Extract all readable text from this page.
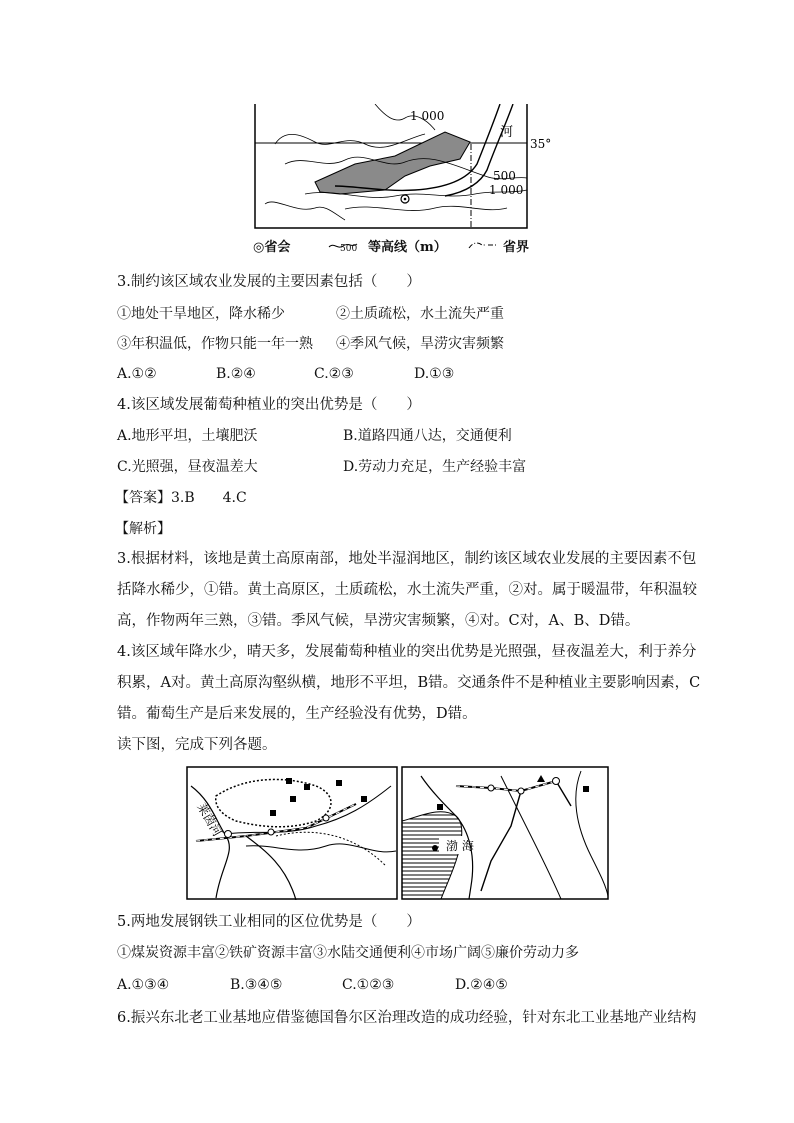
1 000
河
35°
500
1 000
◎省会	500 等高线（m）	省界
3.制约该区域农业发展的主要因素包括（　　）
①地处干旱地区，降水稀少	②土质疏松，水土流失严重
③年积温低，作物只能一年一熟 ④季风气候，旱涝灾害频繁
A.①②	B.②④	C.②③	D.①③
4.该区域发展葡萄种植业的突出优势是（　　）
A.地形平坦，土壤肥沃	B.道路四通八达，交通便利
C.光照强，昼夜温差大	D.劳动力充足，生产经验丰富
【答案】3.B　　4.C
【解析】
3.根据材料，该地是黄土高原南部，地处半湿润地区，制约该区域农业发展的主要因素不包
括降水稀少，①错。黄土高原区，土质疏松，水土流失严重，②对。属于暖温带，年积温较
高，作物两年三熟，③错。季风气候，旱涝灾害频繁，④对。C对，A、B、D错。
4.该区域年降水少，晴天多，发展葡萄种植业的突出优势是光照强，昼夜温差大，利于养分
积累，A对。黄土高原沟壑纵横，地形不平坦，B错。交通条件不是种植业主要影响因素，C
错。葡萄生产是后来发展的，生产经验没有优势，D错。
读下图，完成下列各题。
莱茵河
渤 海
5.两地发展钢铁工业相同的区位优势是（　　）
①煤炭资源丰富②铁矿资源丰富③水陆交通便利④市场广阔⑤廉价劳动力多
A.①③④	B.③④⑤	C.①②③	D.②④⑤
6.振兴东北老工业基地应借鉴德国鲁尔区治理改造的成功经验，针对东北工业基地产业结构
